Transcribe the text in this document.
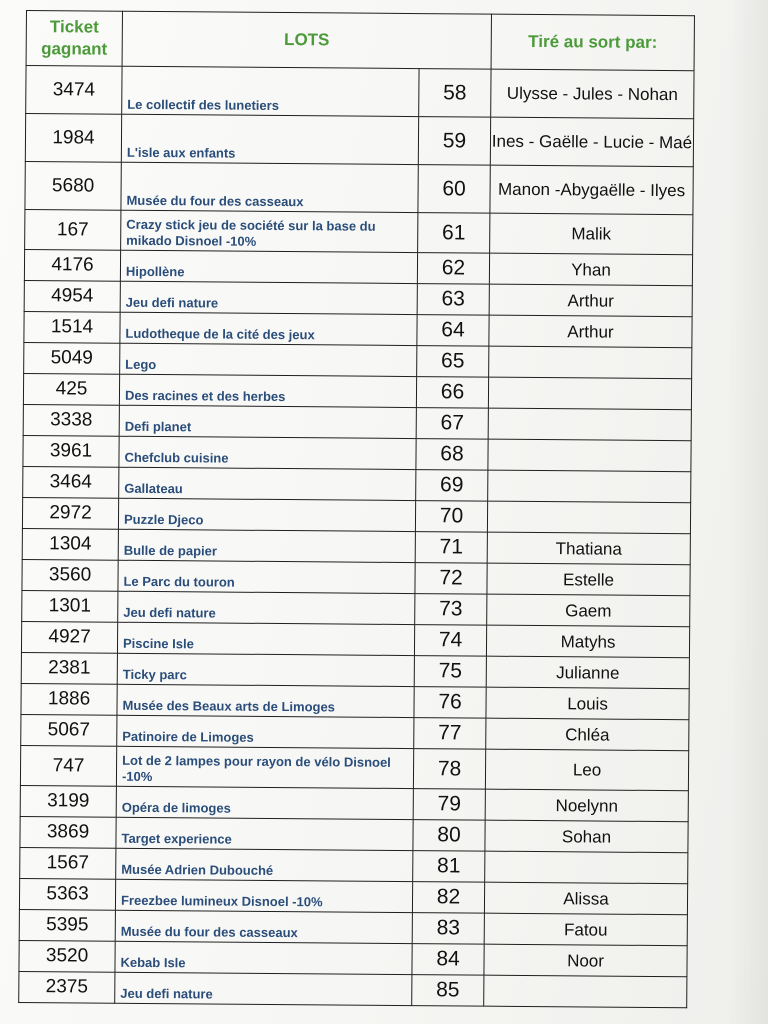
Ticket gagnant	LOTS		Tiré au sort par:
3474	Le collectif des lunetiers	58	Ulysse - Jules - Nohan
1984	L'isle aux enfants	59	Ines - Gaëlle - Lucie - Maé
5680	Musée du four des casseaux	60	Manon -Abygaëlle - Ilyes
167	Crazy stick jeu de société sur la base du mikado Disnoel -10%	61	Malik
4176	Hipollène	62	Yhan
4954	Jeu defi nature	63	Arthur
1514	Ludotheque de la cité des jeux	64	Arthur
5049	Lego	65	
425	Des racines et des herbes	66	
3338	Defi planet	67	
3961	Chefclub cuisine	68	
3464	Gallateau	69	
2972	Puzzle Djeco	70	
1304	Bulle de papier	71	Thatiana
3560	Le Parc du touron	72	Estelle
1301	Jeu defi nature	73	Gaem
4927	Piscine Isle	74	Matyhs
2381	Ticky parc	75	Julianne
1886	Musée des Beaux arts de Limoges	76	Louis
5067	Patinoire de Limoges	77	Chléa
747	Lot de 2 lampes pour rayon de vélo Disnoel -10%	78	Leo
3199	Opéra de limoges	79	Noelynn
3869	Target experience	80	Sohan
1567	Musée Adrien Dubouché	81	
5363	Freezbee lumineux Disnoel -10%	82	Alissa
5395	Musée du four des casseaux	83	Fatou
3520	Kebab Isle	84	Noor
2375	Jeu defi nature	85	
